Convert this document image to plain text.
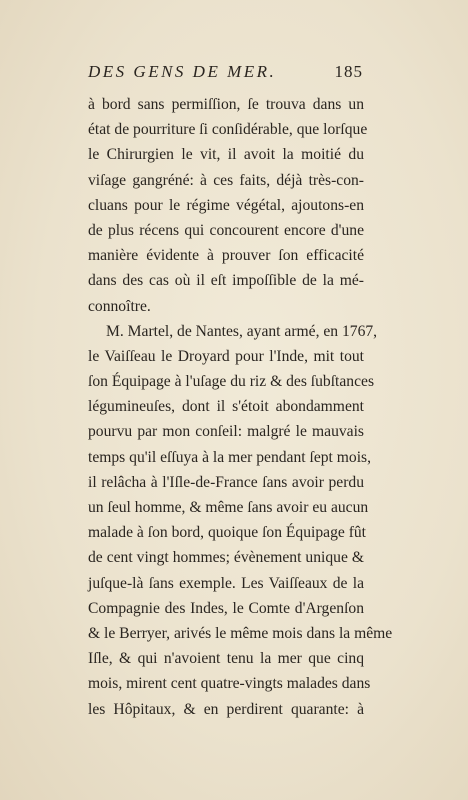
DES GENS DE MER.	185
à bord sans permiſſion, ſe trouva dans un
état de pourriture ſi conſidérable, que lorſque
le Chirurgien le vit, il avoit la moitié du
viſage gangréné: à ces faits, déjà très-con-
cluans pour le régime végétal, ajoutons-en
de plus récens qui concourent encore d'une
manière évidente à prouver ſon efficacité
dans des cas où il eſt impoſſible de la mé-
connoître.
M. Martel, de Nantes, ayant armé, en 1767,
le Vaiſſeau le Droyard pour l'Inde, mit tout
ſon Équipage à l'uſage du riz & des ſubſtances
légumineuſes, dont il s'étoit abondamment
pourvu par mon conſeil: malgré le mauvais
temps qu'il eſſuya à la mer pendant ſept mois,
il relâcha à l'Iſle-de-France ſans avoir perdu
un ſeul homme, & même ſans avoir eu aucun
malade à ſon bord, quoique ſon Équipage fût
de cent vingt hommes; évènement unique &
juſque-là ſans exemple. Les Vaiſſeaux de la
Compagnie des Indes, le Comte d'Argenſon
& le Berryer, arivés le même mois dans la même
Iſle, & qui n'avoient tenu la mer que cinq
mois, mirent cent quatre-vingts malades dans
les Hôpitaux, & en perdirent quarante: à
